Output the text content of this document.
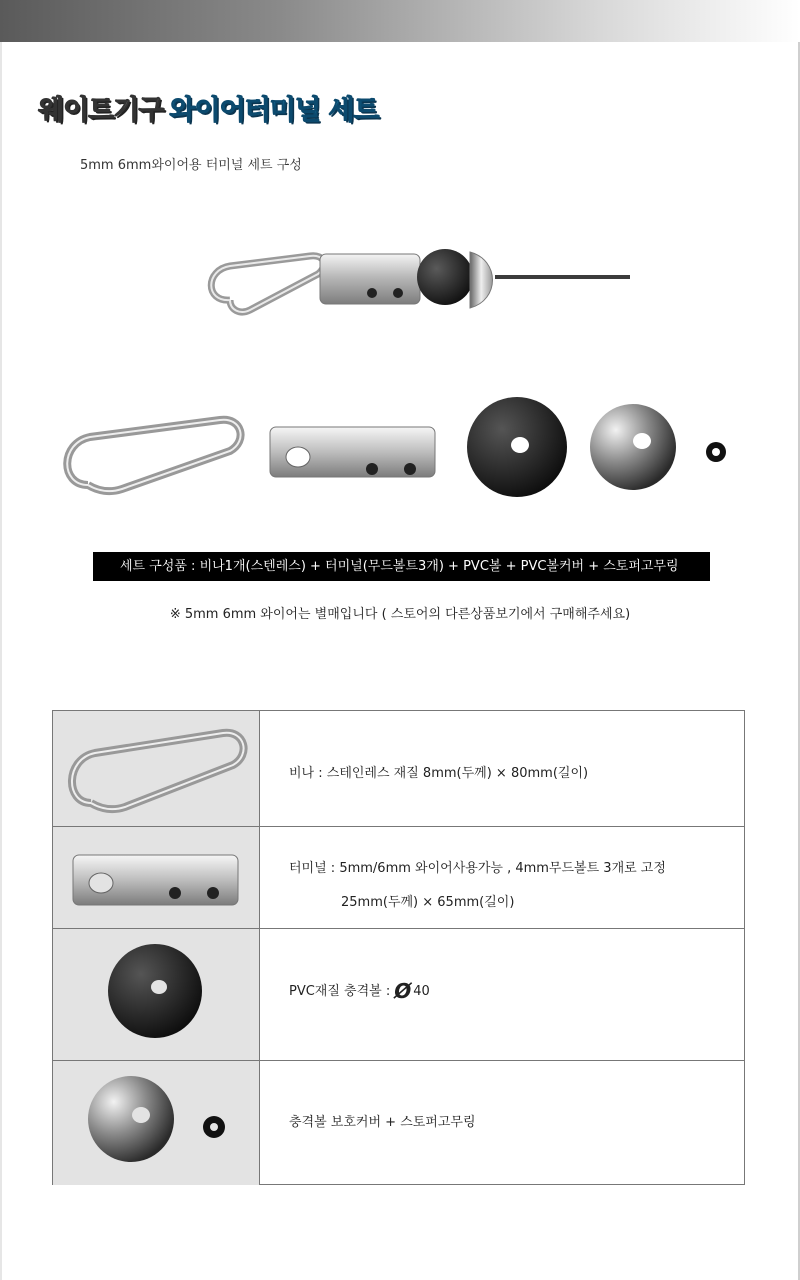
웨이트기구 와이어터미널 세트
5mm 6mm와이어용 터미널 세트 구성
세트 구성품 : 비나1개(스텐레스) + 터미널(무드볼트3개) + PVC볼 + PVC볼커버 + 스토퍼고무링
※ 5mm 6mm 와이어는 별매입니다 ( 스토어의 다른상품보기에서 구매해주세요)
비나 : 스테인레스 재질 8mm(두께) × 80mm(길이)
터미널 : 5mm/6mm 와이어사용가능 , 4mm무드볼트 3개로 고정
25mm(두께) × 65mm(길이)
PVC재질 충격볼 : Ø 40
충격볼 보호커버 + 스토퍼고무링
